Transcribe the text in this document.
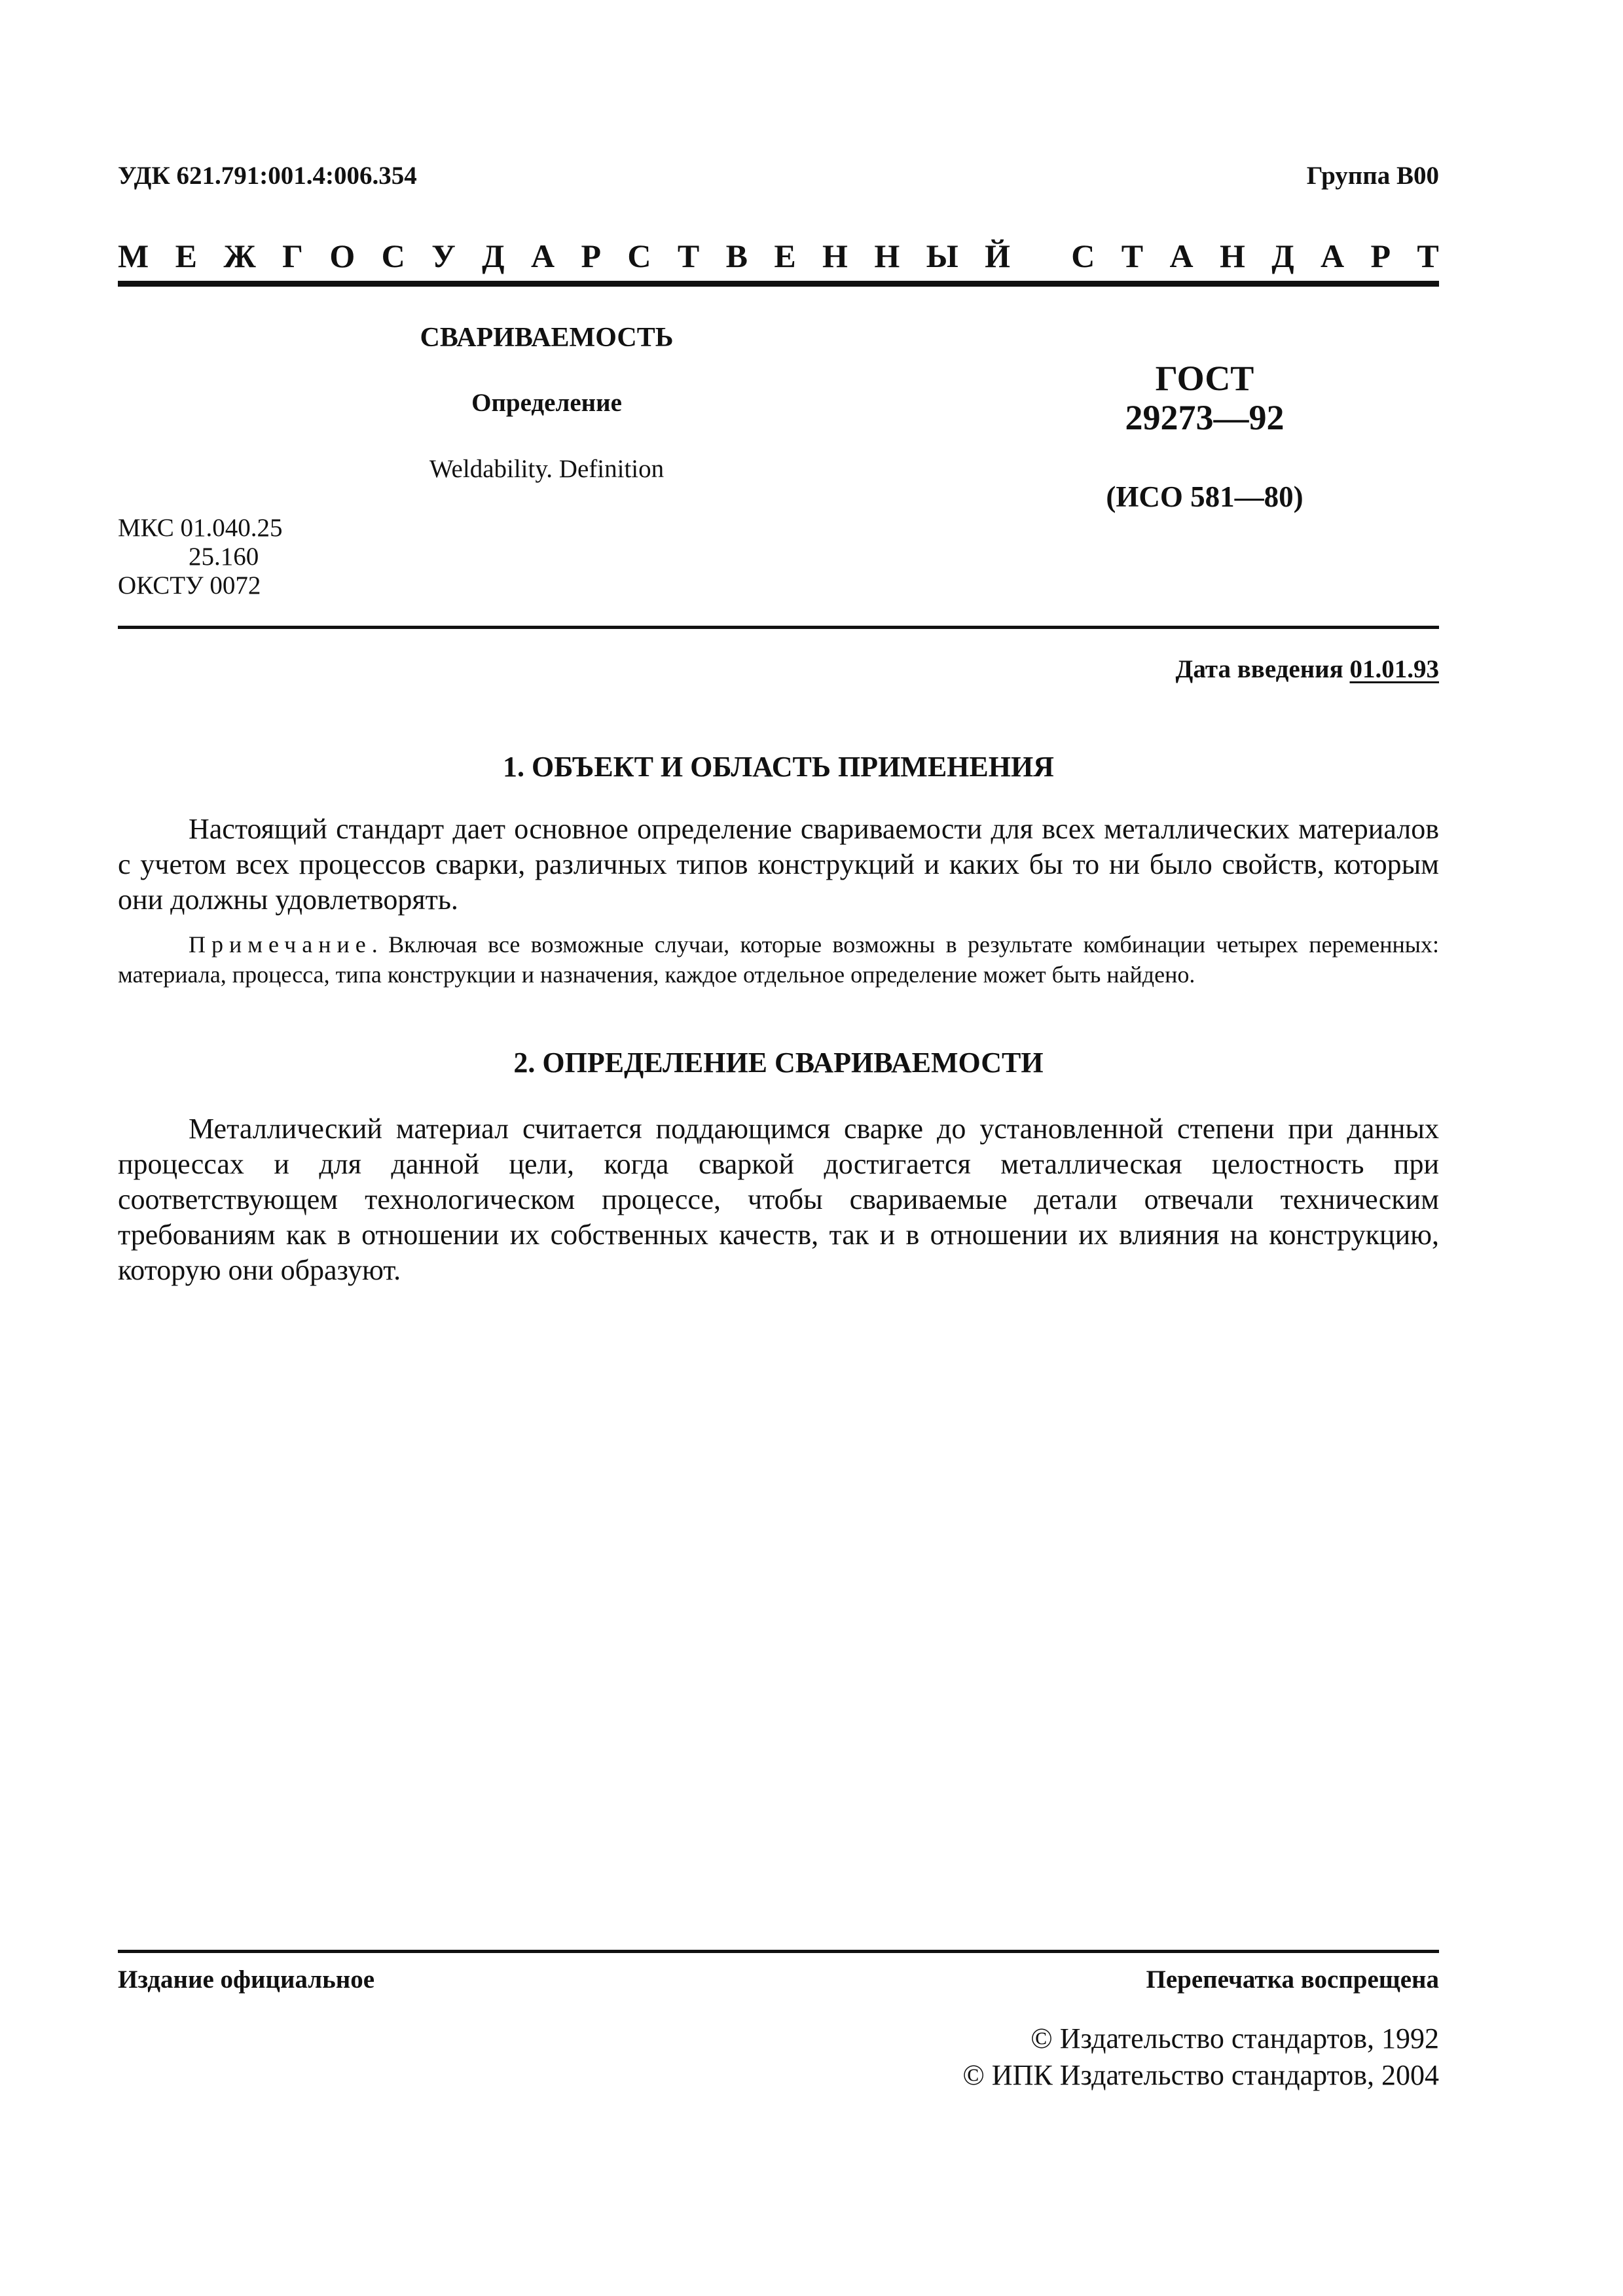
УДК 621.791:001.4:006.354	Группа В00
М Е Ж Г О С У Д А Р С Т В Е Н Н Ы Й
С Т А Н Д А Р Т
СВАРИВАЕМОСТЬ
Определение
Weldability. Definition
ГОСТ
29273—92
(ИСО 581—80)
МКС 01.040.25
25.160
ОКСТУ 0072
Дата введения 01.01.93
1. ОБЪЕКТ И ОБЛАСТЬ ПРИМЕНЕНИЯ
Настоящий стандарт дает основное определение свариваемости для всех металлических материалов с учетом всех процессов сварки, различных типов конструкций и каких бы то ни было свойств, которым они должны удовлетворять.
Примечание. Включая все возможные случаи, которые возможны в результате комбинации четырех переменных: материала, процесса, типа конструкции и назначения, каждое отдельное определение может быть найдено.
2. ОПРЕДЕЛЕНИЕ СВАРИВАЕМОСТИ
Металлический материал считается поддающимся сварке до установленной степени при данных процессах и для данной цели, когда сваркой достигается металлическая целостность при соответствующем технологическом процессе, чтобы свариваемые детали отвечали техническим требованиям как в отношении их собственных качеств, так и в отношении их влияния на конструкцию, которую они образуют.
Издание официальное	Перепечатка воспрещена
© Издательство стандартов, 1992
© ИПК Издательство стандартов, 2004
